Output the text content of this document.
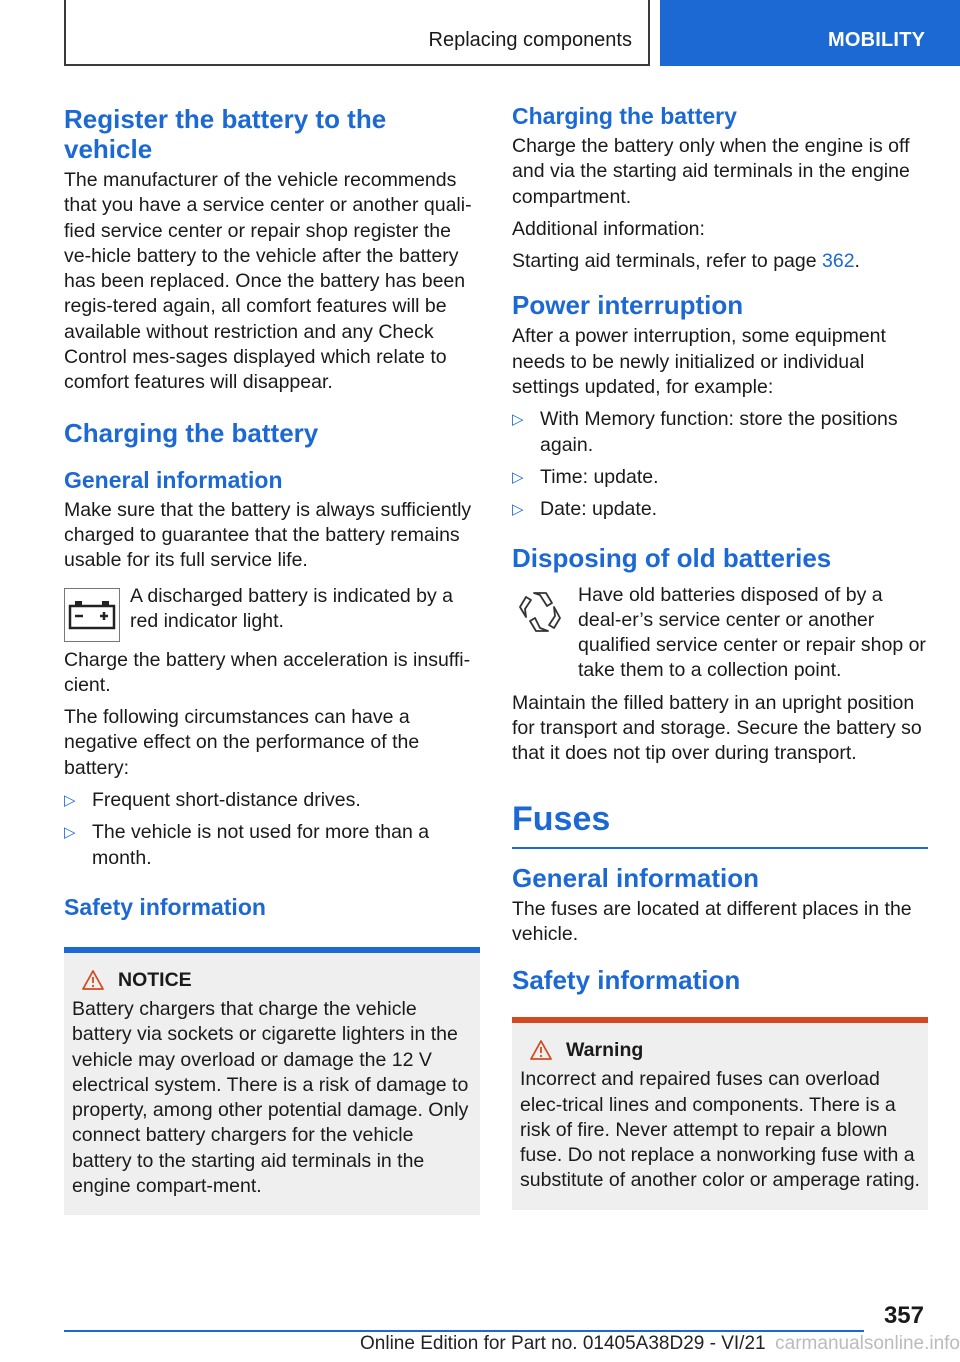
Replacing components	MOBILITY
Register the battery to the vehicle

The manufacturer of the vehicle recommends that you have a service center or another quali-fied service center or repair shop register the ve-hicle battery to the vehicle after the battery has been replaced. Once the battery has been regis-tered again, all comfort features will be available without restriction and any Check Control mes-sages displayed which relate to comfort features will disappear.

Charging the battery
General information

Make sure that the battery is always sufficiently charged to guarantee that the battery remains usable for its full service life.

A discharged battery is indicated by a red indicator light.

Charge the battery when acceleration is insuffi-cient.

The following circumstances can have a negative effect on the performance of the battery:

▷ Frequent short-distance drives.
▷ The vehicle is not used for more than a month.
Safety information
NOTICE

Battery chargers that charge the vehicle battery via sockets or cigarette lighters in the vehicle may overload or damage the 12 V electrical system. There is a risk of damage to property, among other potential damage. Only connect battery chargers for the vehicle battery to the starting aid terminals in the engine compart-ment.

Charging the battery

Charge the battery only when the engine is off and via the starting aid terminals in the engine compartment.

Additional information:

Starting aid terminals, refer to page 362.

Power interruption

After a power interruption, some equipment needs to be newly initialized or individual settings updated, for example:

▷ With Memory function: store the positions again.
▷ Time: update.
▷ Date: update.
Disposing of old batteries

Have old batteries disposed of by a deal-er’s service center or another qualified service center or repair shop or take them to a collection point.

Maintain the filled battery in an upright position for transport and storage. Secure the battery so that it does not tip over during transport.

Fuses
General information

The fuses are located at different places in the vehicle.

Safety information
Warning

Incorrect and repaired fuses can overload elec-trical lines and components. There is a risk of fire. Never attempt to repair a blown fuse. Do not replace a nonworking fuse with a substitute of another color or amperage rating.

357
Online Edition for Part no. 01405A38D29 - VI/21 carmanualsonline.info
